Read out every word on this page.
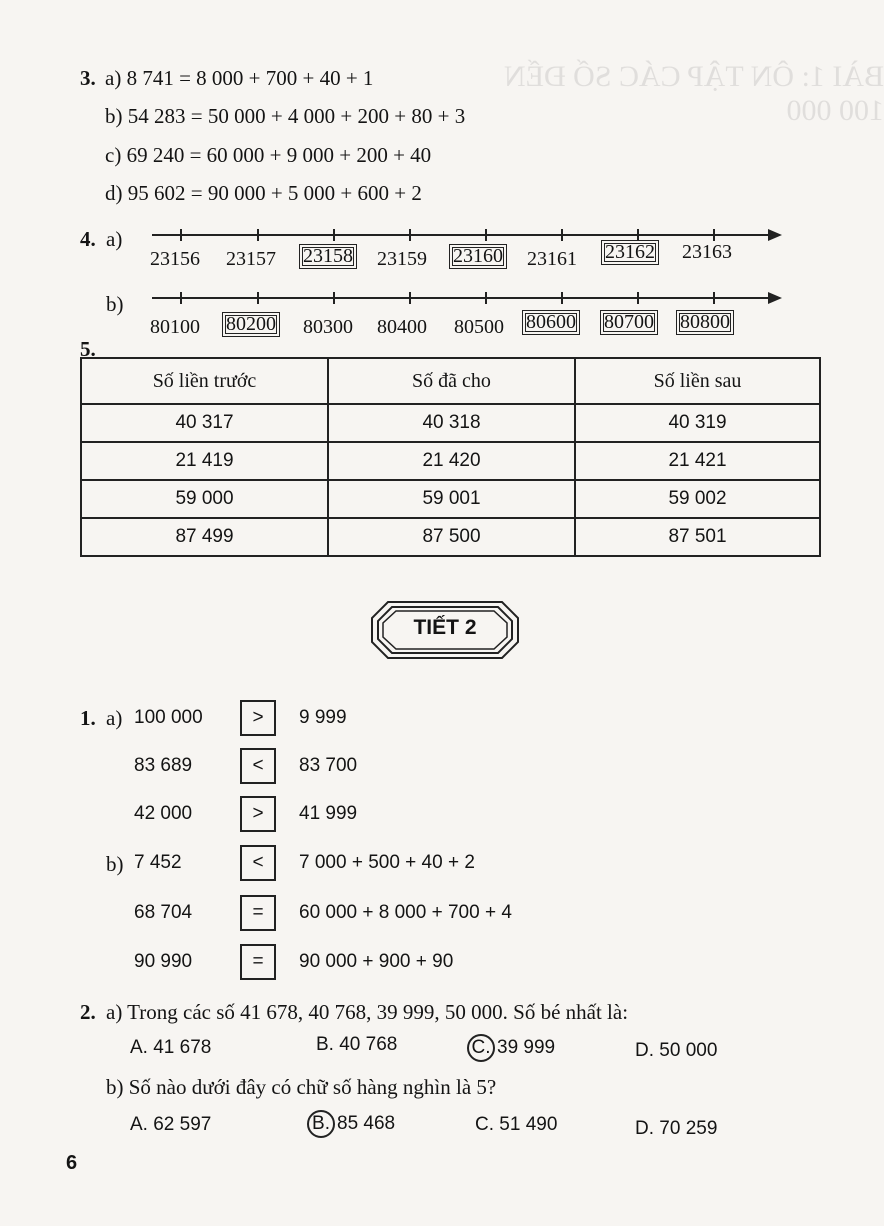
BÀI 1: ÔN TẬP CÁC SỐ ĐẾN 100 000
3. a) 8 741 = 8 000 + 700 + 40 + 1
b) 54 283 = 50 000 + 4 000 + 200 + 80 + 3
c) 69 240 = 60 000 + 9 000 + 200 + 40
d) 95 602 = 90 000 + 5 000 + 600 + 2
4. a)
23156 23157 23158 23159 23160 23161 23162 23163
b)
80100 80200 80300 80400 80500 80600 80700 80800
5.
Số liền trước	Số đã cho	Số liền sau
40 317	40 318	40 319
21 419	21 420	21 421
59 000	59 001	59 002
87 499	87 500	87 501
TIẾT 2
1. a) 100 000	>	9 999
83 689	<	83 700
42 000	>	41 999
b) 7 452	<	7 000 + 500 + 40 + 2
68 704	=	60 000 + 8 000 + 700 + 4
90 990	=	90 000 + 900 + 90
2. a) Trong các số 41 678, 40 768, 39 999, 50 000. Số bé nhất là:
A. 41 678	B. 40 768	C. 39 999	D. 50 000
b) Số nào dưới đây có chữ số hàng nghìn là 5?
A. 62 597	B. 85 468	C. 51 490	D. 70 259
6
